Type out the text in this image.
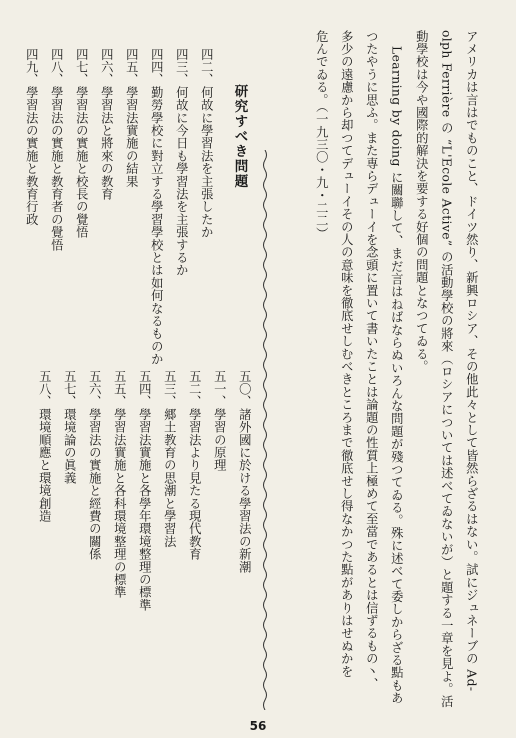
アメリカは言はでものこと、ドイツ然り、新興ロシア、その他此々として皆然らざるはない。試にジュネーブの Ad-
olph Ferrière の “L'Ecole Active” の活動學校の將來（ロシアについては述べてゐないが）と題する一章を見よ。活
動學校は今や國際的解決を要する好個の問題となつてゐる。
Learning by doing に關聯して、まだ言はねばならぬいろんな問題が殘つてゐる。殊に述べて委しからざる點もあ
つたやうに思ふ。また専らデューイを念頭に置いて書いたことは論題の性質上極めて至當であるとは信ずるもの丶、
多少の遠慮から却つてデューイその人の意味を徹底せしむべきところまで徹底せし得なかつた點がありはせぬかを
危んでゐる。（一九三〇・九・二二）
五〇、諸外國に於ける學習法の新潮
五一、學習の原理
五二、學習法より見たる現代教育
五三、郷土教育の思潮と學習法
五四、學習法實施と各學年環境整理の標準
五五、學習法實施と各科環境整理の標準
五六、學習法の實施と經費の關係
五七、環境論の眞義
五八、環境順應と環境創造
研究すべき問題
四二、何故に學習法を主張したか
四三、何故に今日も學習法を主張するか
四四、勤勞學校に對立する學習學校とは如何なるものか
四五、學習法實施の結果
四六、學習法と將來の教育
四七、學習法の實施と校長の覺悟
四八、學習法の實施と教育者の覺悟
四九、學習法の實施と教育行政
56
